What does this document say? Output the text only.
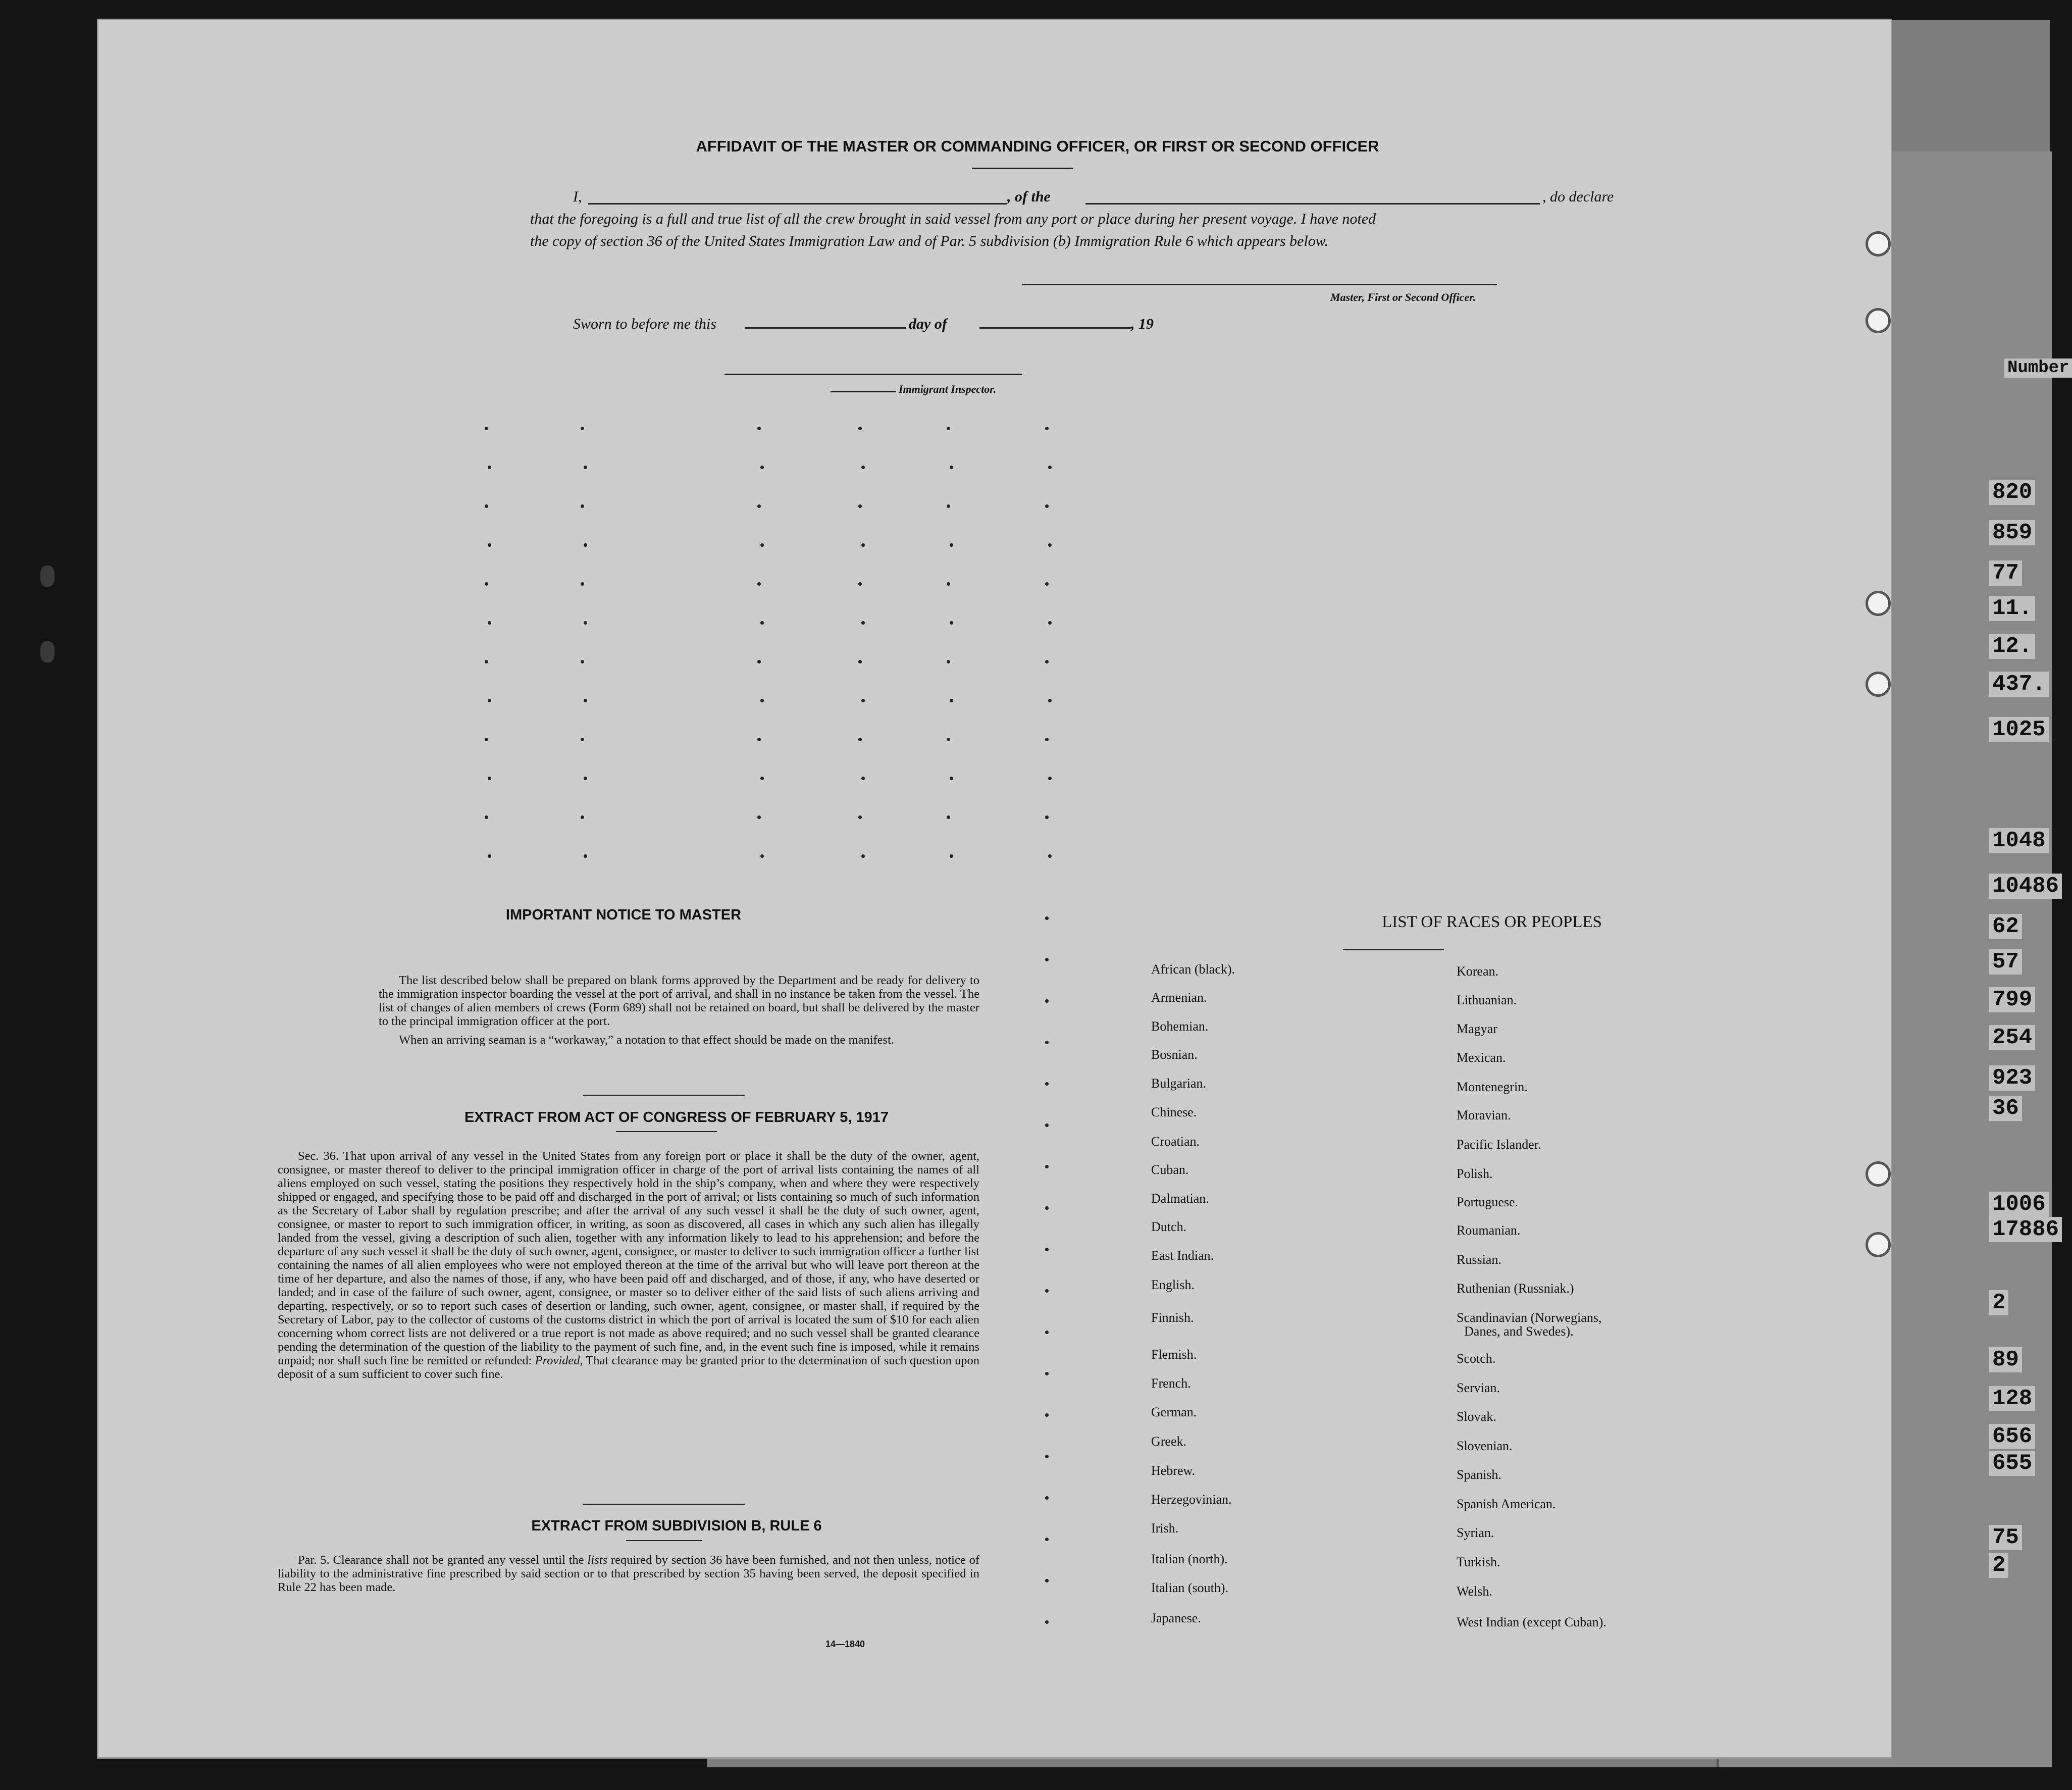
Number
820
859
77
11.
12.
437.
1025
1048
10486
62
57
799
254
923
36
1006
17886
2
89
128
656
655
75
2
AFFIDAVIT OF THE MASTER OR COMMANDING OFFICER, OR FIRST OR SECOND OFFICER
I,	, of the	, do declare
that the foregoing is a full and true list of all the crew brought in said vessel from any port or place during her present voyage. I have noted
the copy of section 36 of the United States Immigration Law and of Par. 5 subdivision (b) Immigration Rule 6 which appears below.
Master, First or Second Officer.
Sworn to before me this	day of	, 19
Immigrant Inspector.
IMPORTANT NOTICE TO MASTER

The list described below shall be prepared on blank forms approved by the Department and be ready for delivery to the immigration inspector boarding the vessel at the port of arrival, and shall in no instance be taken from the vessel. The list of changes of alien members of crews (Form 689) shall not be retained on board, but shall be delivered by the master to the principal immigration officer at the port.

When an arriving seaman is a “workaway,” a notation to that effect should be made on the manifest.

EXTRACT FROM ACT OF CONGRESS OF FEBRUARY 5, 1917

Sec. 36. That upon arrival of any vessel in the United States from any foreign port or place it shall be the duty of the owner, agent, consignee, or master thereof to deliver to the principal immigration officer in charge of the port of arrival lists containing the names of all aliens employed on such vessel, stating the positions they respectively hold in the ship’s company, when and where they were respectively shipped or engaged, and specifying those to be paid off and discharged in the port of arrival; or lists containing so much of such information as the Secretary of Labor shall by regulation prescribe; and after the arrival of any such vessel it shall be the duty of such owner, agent, consignee, or master to report to such immigration officer, in writing, as soon as discovered, all cases in which any such alien has illegally landed from the vessel, giving a description of such alien, together with any information likely to lead to his apprehension; and before the departure of any such vessel it shall be the duty of such owner, agent, consignee, or master to deliver to such immigration officer a further list containing the names of all alien employees who were not employed thereon at the time of the arrival but who will leave port thereon at the time of her departure, and also the names of those, if any, who have been paid off and discharged, and of those, if any, who have deserted or landed; and in case of the failure of such owner, agent, consignee, or master so to deliver either of the said lists of such aliens arriving and departing, respectively, or so to report such cases of desertion or landing, such owner, agent, consignee, or master shall, if required by the Secretary of Labor, pay to the collector of customs of the customs district in which the port of arrival is located the sum of $10 for each alien concerning whom correct lists are not delivered or a true report is not made as above required; and no such vessel shall be granted clearance pending the determination of the question of the liability to the payment of such fine, and, in the event such fine is imposed, while it remains unpaid; nor shall such fine be remitted or refunded: Provided, That clearance may be granted prior to the determination of such question upon deposit of a sum sufficient to cover such fine.

EXTRACT FROM SUBDIVISION B, RULE 6

Par. 5. Clearance shall not be granted any vessel until the lists required by section 36 have been furnished, and not then unless, notice of liability to the administrative fine prescribed by said section or to that prescribed by section 35 having been served, the deposit specified in Rule 22 has been made.

14—1840
LIST OF RACES OR PEOPLES
African (black).
Armenian.
Bohemian.
Bosnian.
Bulgarian.
Chinese.
Croatian.
Cuban.
Dalmatian.
Dutch.
East Indian.
English.
Finnish.
Flemish.
French.
German.
Greek.
Hebrew.
Herzegovinian.
Irish.
Italian (north).
Italian (south).
Japanese.
Korean.
Lithuanian.
Magyar
Mexican.
Montenegrin.
Moravian.
Pacific Islander.
Polish.
Portuguese.
Roumanian.
Russian.
Ruthenian (Russniak.)
Scandinavian (Norwegians,
Scotch.
Servian.
Slovak.
Slovenian.
Spanish.
Spanish American.
Syrian.
Turkish.
Welsh.
West Indian (except Cuban).
Danes, and Swedes).
